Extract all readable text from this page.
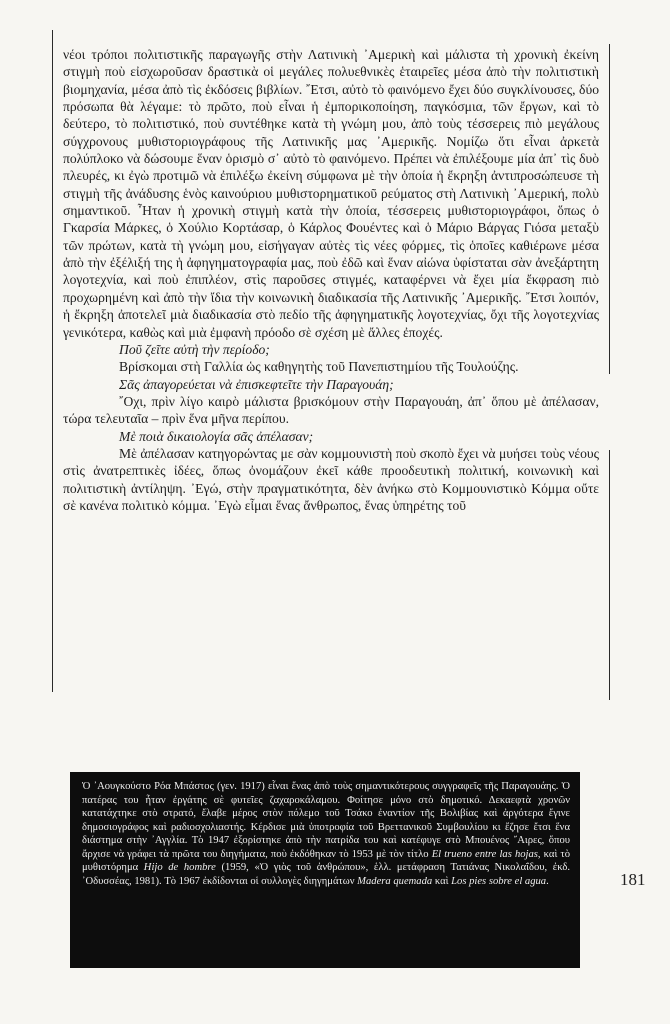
νέοι τρόποι πολιτιστικῆς παραγωγῆς στὴν Λατινικὴ ᾿Αμερικὴ καὶ μάλιστα τὴ χρονικὴ ἐκείνη στιγμὴ ποὺ εἰσχωροῦσαν δραστικὰ οἱ μεγάλες πολυεθνικὲς ἑταιρεῖες μέσα ἀπὸ τὴν πολιτιστικὴ βιομηχανία, μέσα ἀπὸ τὶς ἐκδόσεις βιβλίων. ῎Ετσι, αὐτὸ τὸ φαινόμενο ἔχει δύο συγκλίνουσες, δύο πρόσωπα θὰ λέγαμε: τὸ πρῶτο, ποὺ εἶναι ἡ ἐμπορικοποίηση, παγκόσμια, τῶν ἔργων, καὶ τὸ δεύτερο, τὸ πολιτιστικό, ποὺ συντέθηκε κατὰ τὴ γνώμη μου, ἀπὸ τοὺς τέσσερεις πιὸ μεγάλους σύγχρονους μυθιστοριογράφους τῆς Λατινικῆς μας ᾿Αμερικῆς. Νομίζω ὅτι εἶναι ἀρκετὰ πολύπλοκο νὰ δώσουμε ἕναν ὁρισμὸ σ᾿ αὐτὸ τὸ φαινόμενο. Πρέπει νὰ ἐπιλέξουμε μία ἀπ᾿ τὶς δυὸ πλευρές, κι ἐγὼ προτιμῶ νὰ ἐπιλέξω ἐκείνη σύμφωνα μὲ τὴν ὁποία ἡ ἔκρηξη ἀντιπροσώπευσε τὴ στιγμὴ τῆς ἀνάδυσης ἑνὸς καινούριου μυθιστορηματικοῦ ρεύματος στὴ Λατινικὴ ᾿Αμερική, πολὺ σημαντικοῦ. ῏Ηταν ἡ χρονικὴ στιγμὴ κατὰ τὴν ὁποία, τέσσερεις μυθιστοριογράφοι, ὅπως ὁ Γκαρσία Μάρκες, ὁ Χούλιο Κορτάσαρ, ὁ Κάρλος Φουέντες καὶ ὁ Μάριο Βάργας Γιόσα μεταξὺ τῶν πρώτων, κατὰ τὴ γνώμη μου, εἰσήγαγαν αὐτὲς τὶς νέες φόρμες, τὶς ὁποῖες καθιέρωνε μέσα ἀπὸ τὴν ἐξέλιξή της ἡ ἀφηγηματογραφία μας, ποὺ ἐδῶ καὶ ἕναν αἰώνα ὑφίσταται σὰν ἀνεξάρτητη λογοτεχνία, καὶ ποὺ ἐπιπλέον, στὶς παροῦσες στιγμές, καταφέρνει νὰ ἔχει μία ἔκφραση πιὸ προχωρημένη καὶ ἀπὸ τὴν ἴδια τὴν κοινωνικὴ διαδικασία τῆς Λατινικῆς ᾿Αμερικῆς. ῎Ετσι λοιπόν, ἡ ἔκρηξη ἀποτελεῖ μιὰ διαδικασία στὸ πεδίο τῆς ἀφηγηματικῆς λογοτεχνίας, ὄχι τῆς λογοτεχνίας γενικότερα, καθὼς καὶ μιὰ ἐμφανὴ πρόοδο σὲ σχέση μὲ ἄλλες ἐποχές.

Ποῦ ζεῖτε αὐτὴ τὴν περίοδο;

Βρίσκομαι στὴ Γαλλία ὡς καθηγητὴς τοῦ Πανεπιστημίου τῆς Τουλούζης.

Σᾶς ἀπαγορεύεται νὰ ἐπισκεφτεῖτε τὴν Παραγουάη;

῎Οχι, πρὶν λίγο καιρὸ μάλιστα βρισκόμουν στὴν Παραγουάη, ἀπ᾿ ὅπου μὲ ἀπέλασαν, τώρα τελευταῖα – πρὶν ἕνα μῆνα περίπου.

Μὲ ποιὰ δικαιολογία σᾶς ἀπέλασαν;

Μὲ ἀπέλασαν κατηγορώντας με σὰν κομμουνιστὴ ποὺ σκοπὸ ἔχει νὰ μυήσει τοὺς νέους στὶς ἀνατρεπτικὲς ἰδέες, ὅπως ὀνομάζουν ἐκεῖ κάθε προοδευτικὴ πολιτική, κοινωνικὴ καὶ πολιτιστικὴ ἀντίληψη. ᾿Εγώ, στὴν πραγματικότητα, δὲν ἀνήκω στὸ Κομμουνιστικὸ Κόμμα οὔτε σὲ κανένα πολιτικὸ κόμμα. ᾿Εγὼ εἶμαι ἕνας ἄνθρωπος, ἕνας ὑπηρέτης τοῦ

Ὁ ᾿Αουγκούστο Ρόα Μπάστος (γεν. 1917) εἶναι ἕνας ἀπὸ τοὺς σημαντικότερους συγγραφεῖς τῆς Παραγουάης. Ὁ πατέρας του ἦταν ἐργάτης σὲ φυτεῖες ζαχαροκάλαμου. Φοίτησε μόνο στὸ δημοτικό. Δεκαεφτὰ χρονῶν κατατάχτηκε στὸ στρατό, ἔλαβε μέρος στὸν πόλεμο τοῦ Τσάκο ἐναντίον τῆς Βολιβίας καὶ ἀργότερα ἔγινε δημοσιογράφος καὶ ραδιοσχολιαστής. Κέρδισε μιὰ ὑποτροφία τοῦ Βρεττανικοῦ Συμβουλίου κι ἔζησε ἔτσι ἕνα διάστημα στὴν ᾿Αγγλία. Τὸ 1947 ἐξορίστηκε ἀπὸ τὴν πατρίδα του καὶ κατέφυγε στὸ Μπουένος ῎Αιρες, ὅπου ἄρχισε νὰ γράφει τὰ πρῶτα του διηγήματα, ποὺ ἐκδόθηκαν τὸ 1953 μὲ τὸν τίτλο El trueno entre las hojas, καὶ τὸ μυθιστόρημα Hijo de hombre (1959, «Ὁ γιὸς τοῦ ἀνθρώπου», ἑλλ. μετάφραση Τατιάνας Νικολαΐδου, ἐκδ. ᾿Οδυσσέας, 1981). Τὸ 1967 ἐκδίδονται οἱ συλλογὲς διηγημάτων Madera quemada καὶ Los pies sobre el agua.	181
